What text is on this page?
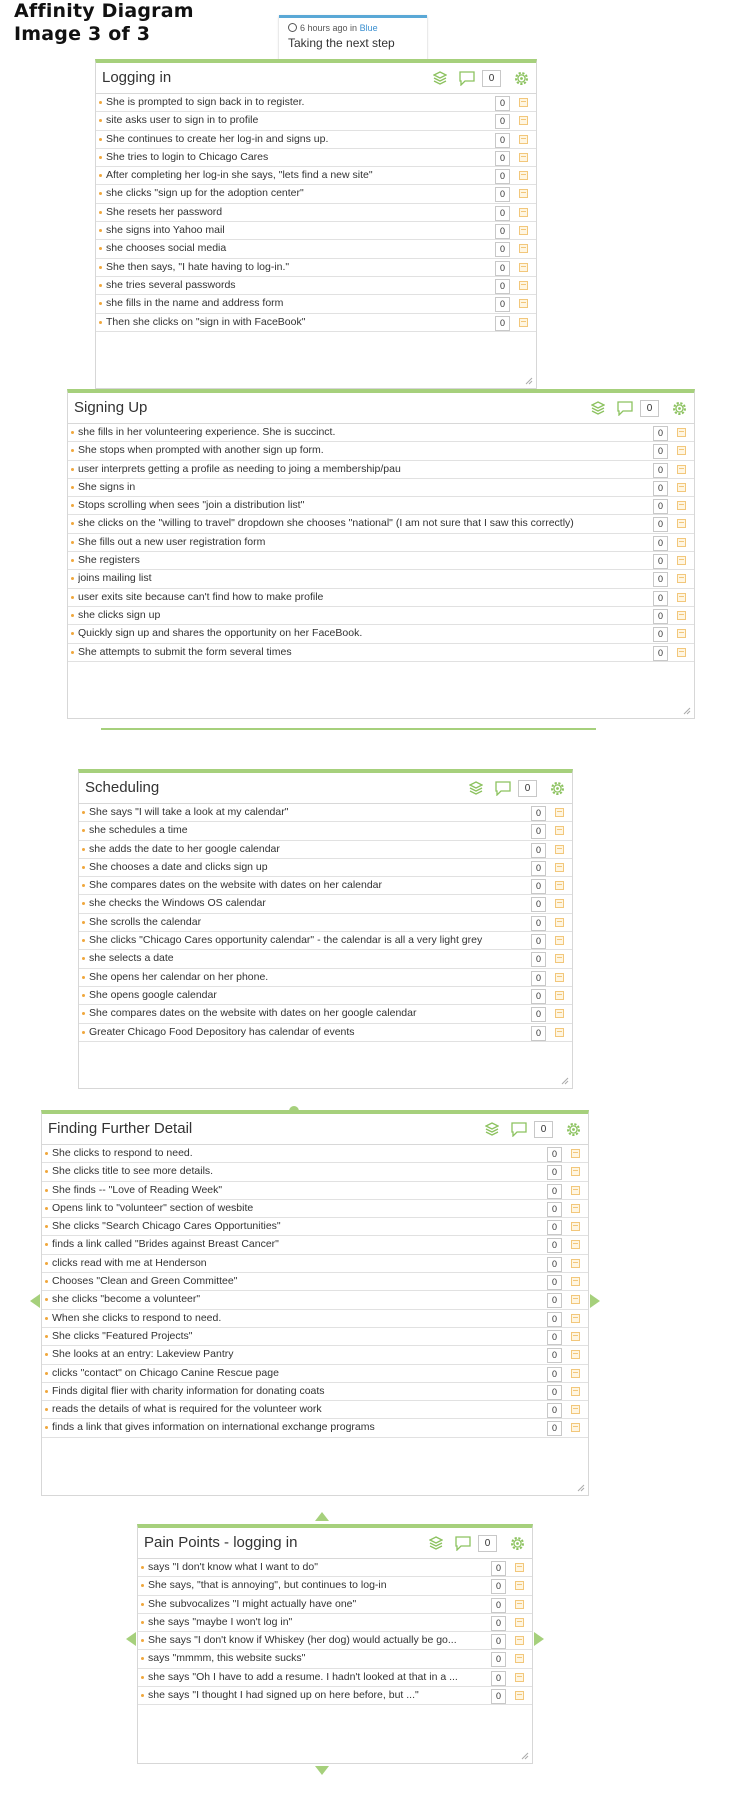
Affinity Diagram
Image 3 of 3	6 hours ago in Blue
Taking the next step
Logging in	0
She is prompted to sign back in to register.	0
site asks user to sign in to profile	0
She continues to create her log-in and signs up.	0
She tries to login to Chicago Cares	0
After completing her log-in she says, "lets find a new site"	0
she clicks "sign up for the adoption center"	0
She resets her password	0
she signs into Yahoo mail	0
she chooses social media	0
She then says, "I hate having to log-in."	0
she tries several passwords	0
she fills in the name and address form	0
Then she clicks on "sign in with FaceBook"	0
Signing Up	0
she fills in her volunteering experience. She is succinct.	0
She stops when prompted with another sign up form.	0
user interprets getting a profile as needing to joing a membership/pau	0
She signs in	0
Stops scrolling when sees "join a distribution list"	0
she clicks on the "willing to travel" dropdown she chooses "national" (I am not sure that I saw this correctly)	0
She fills out a new user registration form	0
She registers	0
joins mailing list	0
user exits site because can't find how to make profile	0
she clicks sign up	0
Quickly sign up and shares the opportunity on her FaceBook.	0
She attempts to submit the form several times	0
Scheduling	0
She says "I will take a look at my calendar"	0
she schedules a time	0
she adds the date to her google calendar	0
She chooses a date and clicks sign up	0
She compares dates on the website with dates on her calendar	0
she checks the Windows OS calendar	0
She scrolls the calendar	0
She clicks "Chicago Cares opportunity calendar" - the calendar is all a very light grey	0
she selects a date	0
She opens her calendar on her phone.	0
She opens google calendar	0
She compares dates on the website with dates on her google calendar	0
Greater Chicago Food Depository has calendar of events	0
Finding Further Detail	0
She clicks to respond to need.	0
She clicks title to see more details.	0
She finds -- "Love of Reading Week"	0
Opens link to "volunteer" section of wesbite	0
She clicks "Search Chicago Cares Opportunities"	0
finds a link called "Brides against Breast Cancer"	0
clicks read with me at Henderson	0
Chooses "Clean and Green Committee"	0
she clicks "become a volunteer"	0
When she clicks to respond to need.	0
She clicks "Featured Projects"	0
She looks at an entry: Lakeview Pantry	0
clicks "contact" on Chicago Canine Rescue page	0
Finds digital flier with charity information for donating coats	0
reads the details of what is required for the volunteer work	0
finds a link that gives information on international exchange programs	0
Pain Points - logging in	0
says "I don't know what I want to do"	0
She says, "that is annoying", but continues to log-in	0
She subvocalizes "I might actually have one"	0
she says "maybe I won't log in"	0
She says "I don't know if Whiskey (her dog) would actually be go...	0
says "mmmm, this website sucks"	0
she says "Oh I have to add a resume. I hadn't looked at that in a ...	0
she says "I thought I had signed up on here before, but ..."	0
